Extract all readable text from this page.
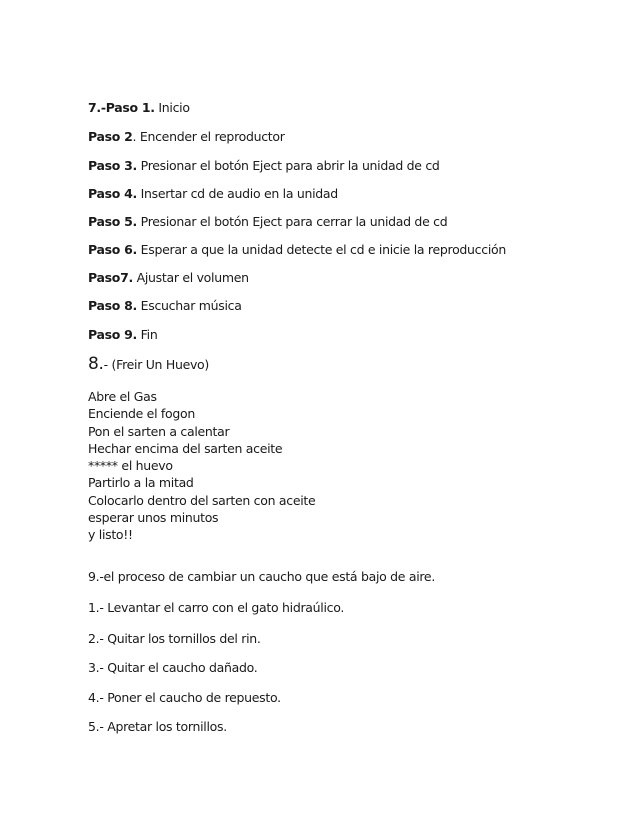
7.-Paso 1. Inicio
Paso 2. Encender el reproductor
Paso 3. Presionar el botón Eject para abrir la unidad de cd
Paso 4. Insertar cd de audio en la unidad
Paso 5. Presionar el botón Eject para cerrar la unidad de cd
Paso 6. Esperar a que la unidad detecte el cd e inicie la reproducción
Paso7. Ajustar el volumen
Paso 8. Escuchar música
Paso 9. Fin
8.- (Freir Un Huevo)
Abre el Gas
Enciende el fogon
Pon el sarten a calentar
Hechar encima del sarten aceite
***** el huevo
Partirlo a la mitad
Colocarlo dentro del sarten con aceite
esperar unos minutos
y listo!!
9.-el proceso de cambiar un caucho que está bajo de aire.
1.- Levantar el carro con el gato hidraúlico.
2.- Quitar los tornillos del rin.
3.- Quitar el caucho dañado.
4.- Poner el caucho de repuesto.
5.- Apretar los tornillos.
